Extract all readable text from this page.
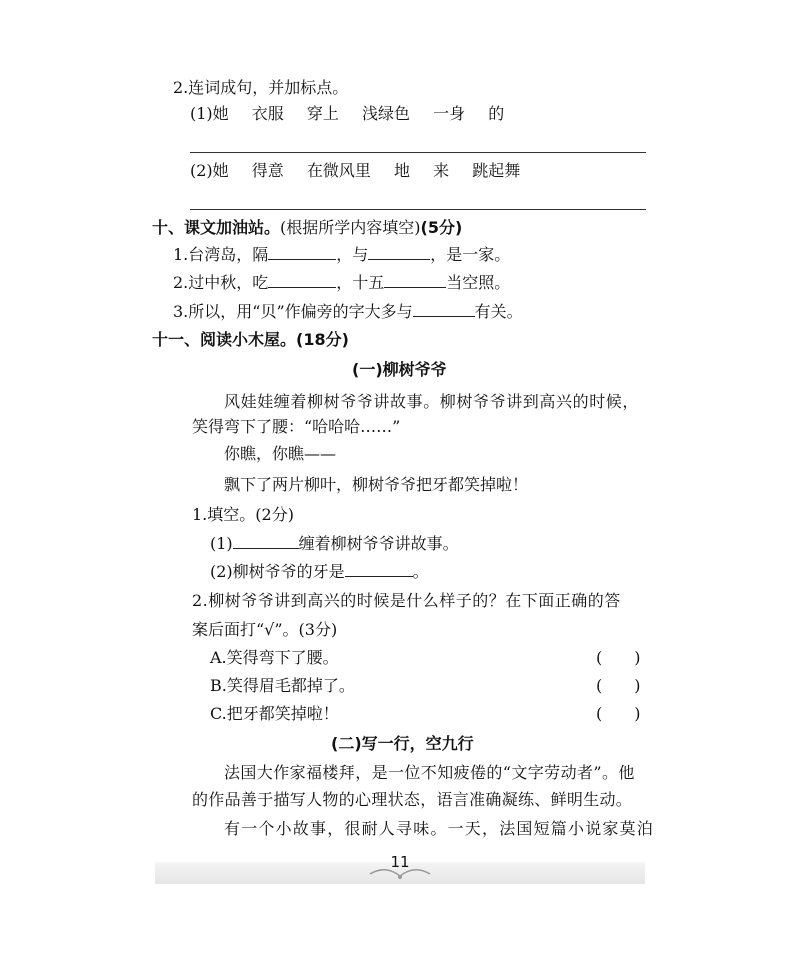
2.连词成句，并加标点。
(1)她 衣服 穿上 浅绿色 一身 的
(2)她 得意 在微风里 地 来 跳起舞
十、课文加油站。(根据所学内容填空)(5分)
1.台湾岛，隔	，与	，是一家。
2.过中秋，吃	，十五	当空照。
3.所以，用“贝”作偏旁的字大多与	有关。
十一、阅读小木屋。(18分)
(一)柳树爷爷
风娃娃缠着柳树爷爷讲故事。柳树爷爷讲到高兴的时候，
笑得弯下了腰：“哈哈哈……”
你瞧，你瞧——
飘下了两片柳叶，柳树爷爷把牙都笑掉啦！
1.填空。(2分)
(1)	缠着柳树爷爷讲故事。
(2)柳树爷爷的牙是	。
2.柳树爷爷讲到高兴的时候是什么样子的？在下面正确的答
案后面打“√”。(3分)
A.笑得弯下了腰。	(　　)
B.笑得眉毛都掉了。	(　　)
C.把牙都笑掉啦！	(　　)
(二)写一行，空九行
法国大作家福楼拜，是一位不知疲倦的“文字劳动者”。他
的作品善于描写人物的心理状态，语言准确凝练、鲜明生动。
有一个小故事，很耐人寻味。一天，法国短篇小说家莫泊
11
